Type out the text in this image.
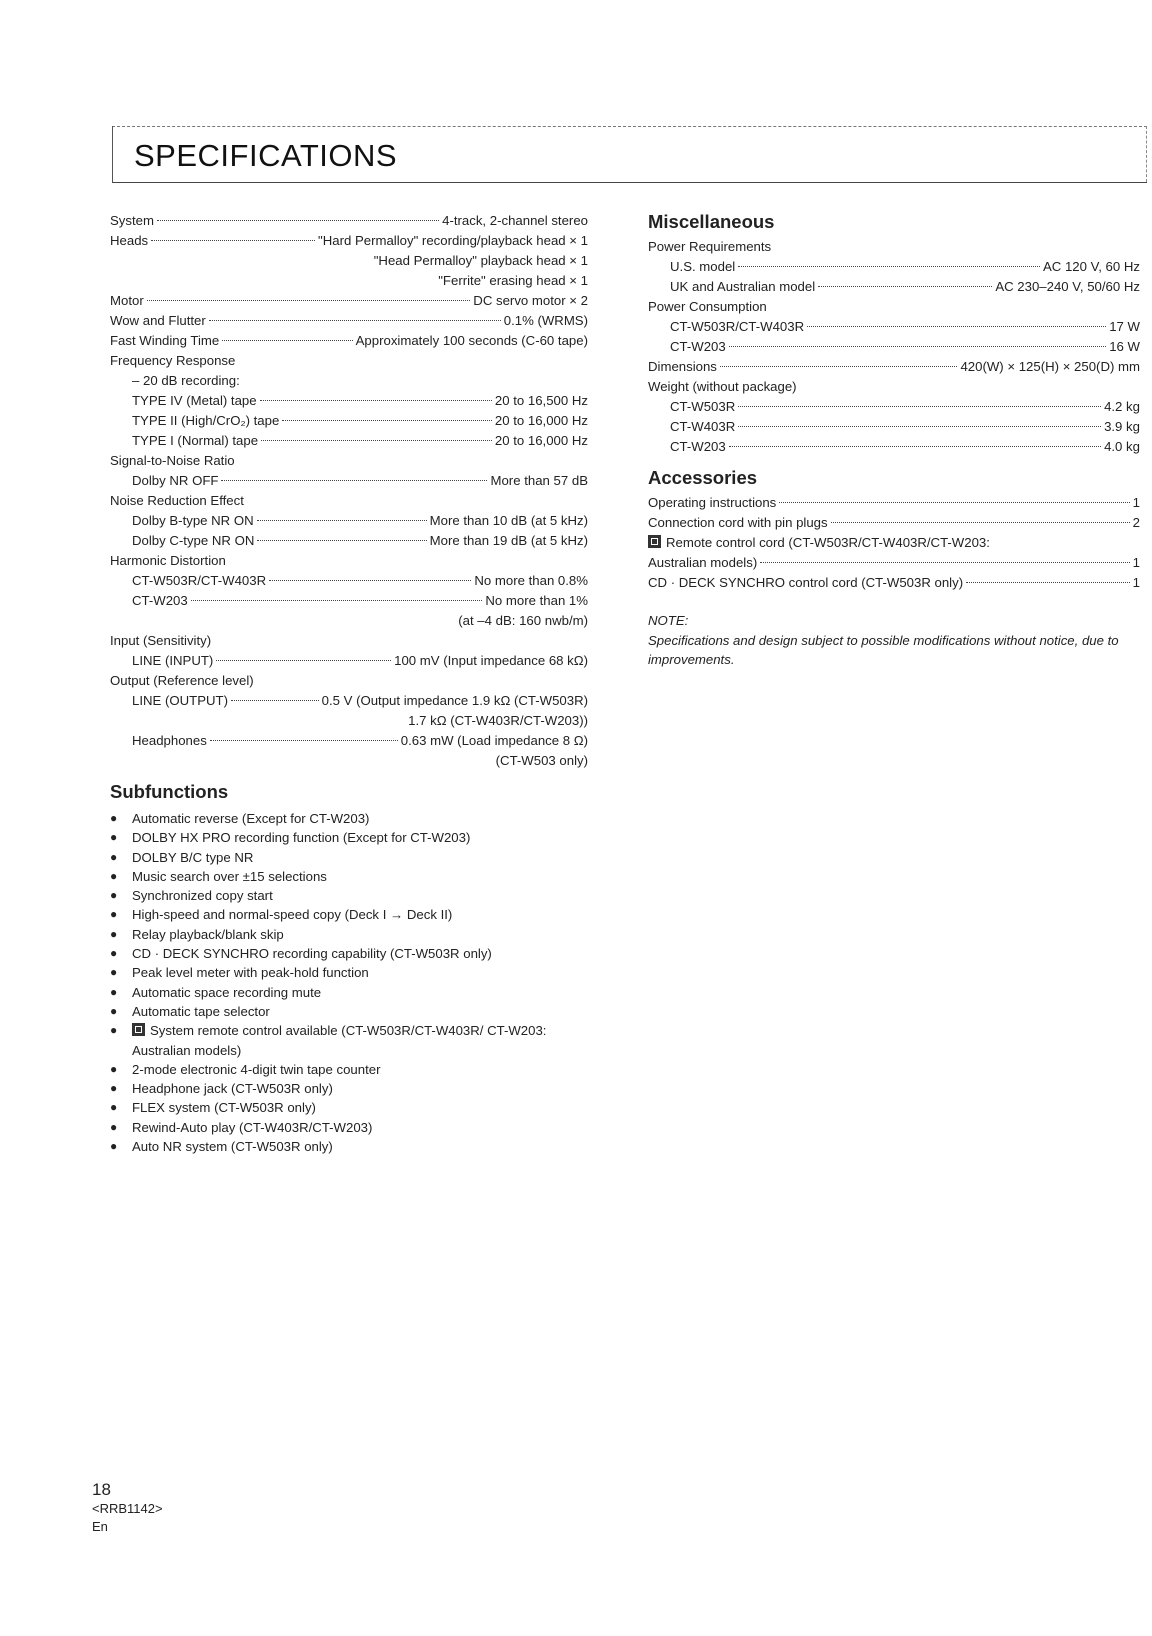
SPECIFICATIONS
System	4-track, 2-channel stereo
Heads	"Hard Permalloy" recording/playback head × 1
"Head Permalloy" playback head × 1
"Ferrite" erasing head × 1
Motor	DC servo motor × 2
Wow and Flutter	0.1% (WRMS)
Fast Winding Time	Approximately 100 seconds (C-60 tape)
Frequency Response
– 20 dB recording:
TYPE IV (Metal) tape	20 to 16,500 Hz
TYPE II (High/CrO₂) tape	20 to 16,000 Hz
TYPE I (Normal) tape	20 to 16,000 Hz
Signal-to-Noise Ratio
Dolby NR OFF	More than 57 dB
Noise Reduction Effect
Dolby B-type NR ON	More than 10 dB (at 5 kHz)
Dolby C-type NR ON	More than 19 dB (at 5 kHz)
Harmonic Distortion
CT-W503R/CT-W403R	No more than 0.8%
CT-W203	No more than 1%
(at –4 dB: 160 nwb/m)
Input (Sensitivity)
LINE (INPUT)	100 mV (Input impedance 68 kΩ)
Output (Reference level)
LINE (OUTPUT)	0.5 V (Output impedance 1.9 kΩ (CT-W503R)
1.7 kΩ (CT-W403R/CT-W203))
Headphones	0.63 mW (Load impedance 8 Ω)
(CT-W503 only)
Subfunctions
●	Automatic reverse (Except for CT-W203)
●	DOLBY HX PRO recording function (Except for CT-W203)
●	DOLBY B/C type NR
●	Music search over ±15 selections
●	Synchronized copy start
●	High-speed and normal-speed copy (Deck I → Deck II)
●	Relay playback/blank skip
●	CD · DECK SYNCHRO recording capability (CT-W503R only)
●	Peak level meter with peak-hold function
●	Automatic space recording mute
●	Automatic tape selector
●	System remote control available (CT-W503R/CT-W403R/ CT-W203: Australian models)
●	2-mode electronic 4-digit twin tape counter
●	Headphone jack (CT-W503R only)
●	FLEX system (CT-W503R only)
●	Rewind-Auto play (CT-W403R/CT-W203)
●	Auto NR system (CT-W503R only)
Miscellaneous
Power Requirements
U.S. model	AC 120 V, 60 Hz
UK and Australian model	AC 230–240 V, 50/60 Hz
Power Consumption
CT-W503R/CT-W403R	17 W
CT-W203	16 W
Dimensions	420(W) × 125(H) × 250(D) mm
Weight (without package)
CT-W503R	4.2 kg
CT-W403R	3.9 kg
CT-W203	4.0 kg
Accessories
Operating instructions	1
Connection cord with pin plugs	2
Remote control cord (CT-W503R/CT-W403R/CT-W203:
Australian models)	1
CD · DECK SYNCHRO control cord (CT-W503R only)	1
NOTE:
Specifications and design subject to possible modifications without notice, due to improvements.
18
<RRB1142>
En
